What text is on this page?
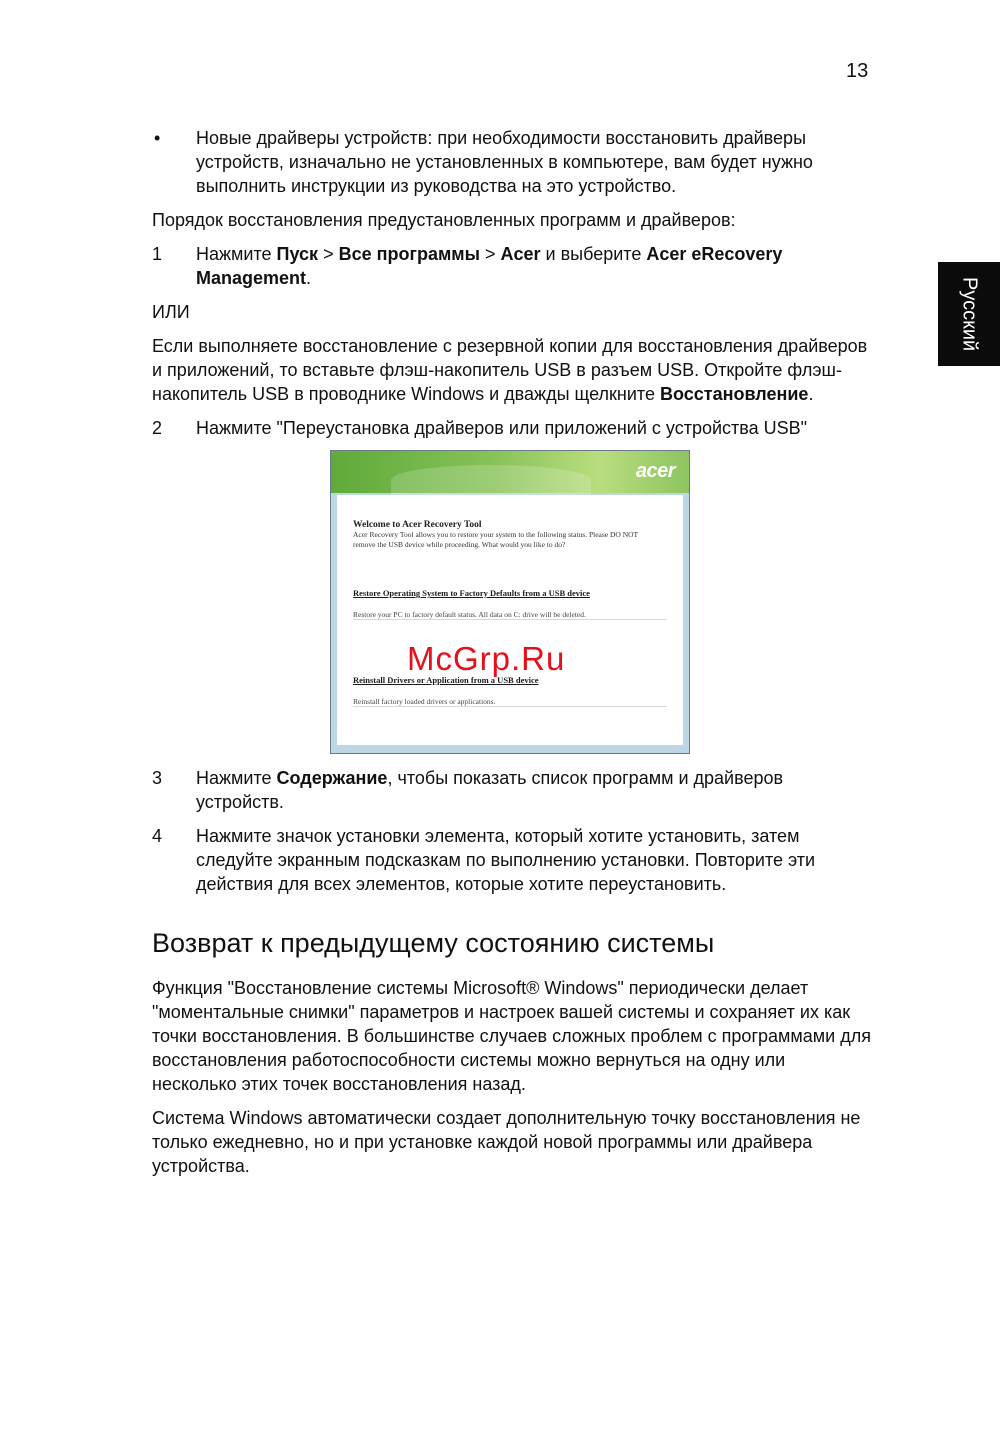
13
Русский
• Новые драйверы устройств: при необходимости восстановить драйверы устройств, изначально не установленных в компьютере, вам будет нужно выполнить инструкции из руководства на это устройство.

Порядок восстановления предустановленных программ и драйверов:

1 Нажмите Пуск > Все программы > Acer и выберите Acer eRecovery Management.

ИЛИ

Если выполняете восстановление с резервной копии для восстановления драйверов и приложений, то вставьте флэш-накопитель USB в разъем USB. Откройте флэш-накопитель USB в проводнике Windows и дважды щелкните Восстановление.

2 Нажмите "Переустановка драйверов или приложений с устройства USB"
acer
Welcome to Acer Recovery Tool
Acer Recovery Tool allows you to restore your system to the following status. Please DO NOT remove the USB device while proceeding. What would you like to do?
Restore Operating System to Factory Defaults from a USB device
Restore your PC to factory default status. All data on C: drive will be deleted.
Reinstall Drivers or Application from a USB device
Reinstall factory loaded drivers or applications.
McGrp.Ru
3 Нажмите Содержание, чтобы показать список программ и драйверов устройств.
4 Нажмите значок установки элемента, который хотите установить, затем следуйте экранным подсказкам по выполнению установки. Повторите эти действия для всех элементов, которые хотите переустановить.
Возврат к предыдущему состоянию системы

Функция "Восстановление системы Microsoft® Windows" периодически делает "моментальные снимки" параметров и настроек вашей системы и сохраняет их как точки восстановления. В большинстве случаев сложных проблем с программами для восстановления работоспособности системы можно вернуться на одну или несколько этих точек восстановления назад.

Система Windows автоматически создает дополнительную точку восстановления не только ежедневно, но и при установке каждой новой программы или драйвера устройства.
